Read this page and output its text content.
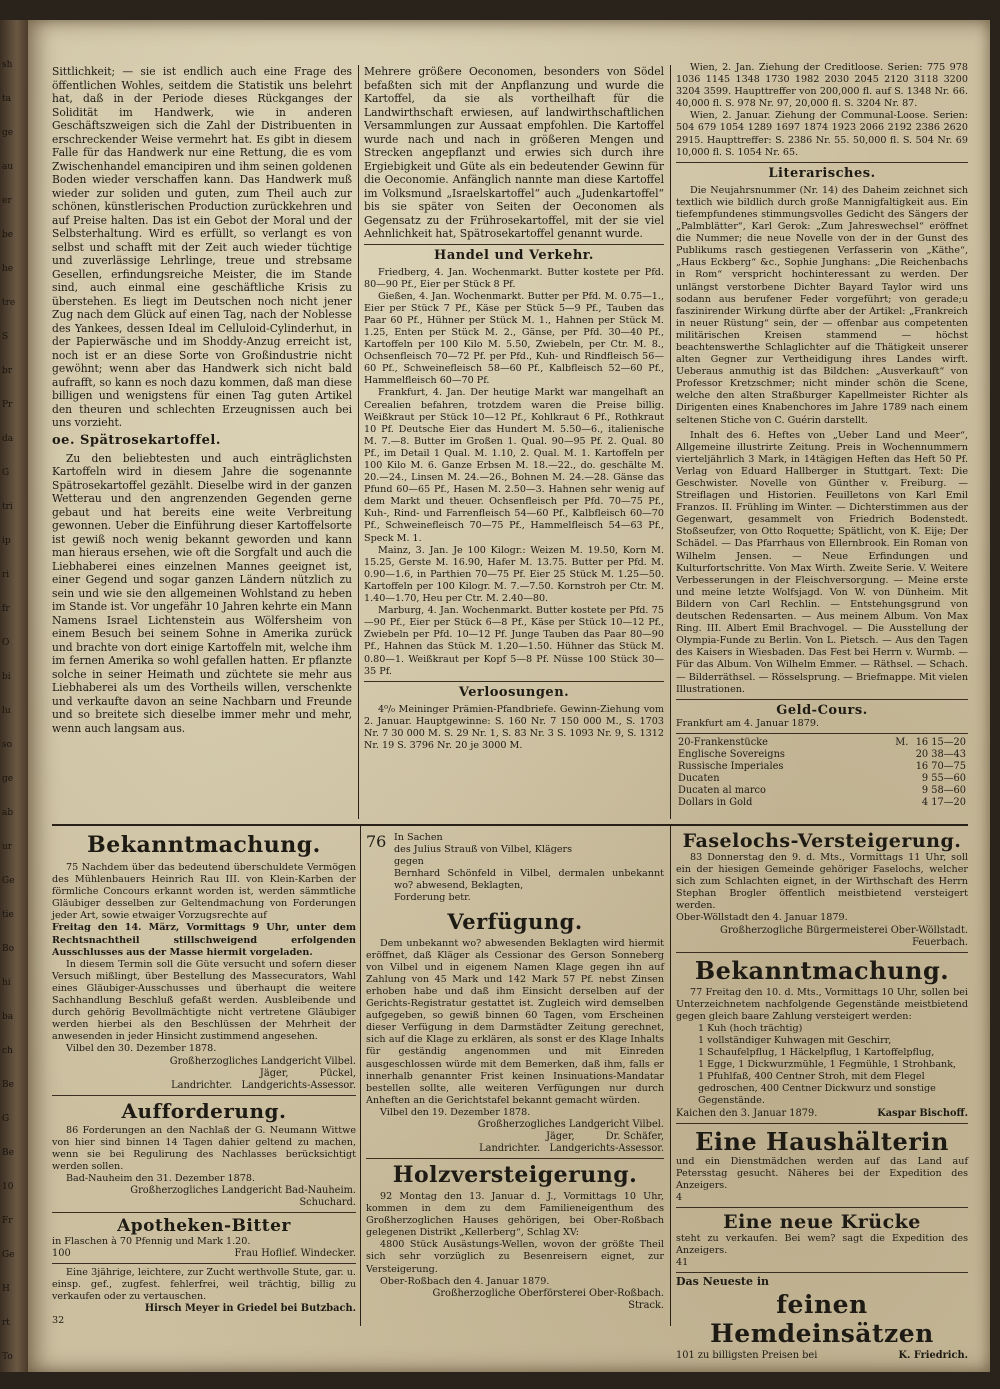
sh
ta
ge
au
er
be
he
tre
S
br
Pr
da
G
tri
ip
ri
fr
O
bi
lu
so
ge
ab
ur
Ge
tie
Bo
hi
ba
ch
Be
G
Be
10
Fr
Ge
H
rt
To

Sittlichkeit; — sie ist endlich auch eine Frage des öffentlichen Wohles, seitdem die Statistik uns belehrt hat, daß in der Periode dieses Rückganges der Solidität im Handwerk, wie in anderen Geschäftszweigen sich die Zahl der Distribuenten in erschreckender Weise vermehrt hat. Es gibt in diesem Falle für das Handwerk nur eine Rettung, die es vom Zwischenhandel emancipiren und ihm seinen goldenen Boden wieder verschaffen kann. Das Handwerk muß wieder zur soliden und guten, zum Theil auch zur schönen, künstlerischen Production zurückkehren und auf Preise halten. Das ist ein Gebot der Moral und der Selbsterhaltung. Wird es erfüllt, so verlangt es von selbst und schafft mit der Zeit auch wieder tüchtige und zuverlässige Lehrlinge, treue und strebsame Gesellen, erfindungsreiche Meister, die im Stande sind, auch einmal eine geschäftliche Krisis zu überstehen. Es liegt im Deutschen noch nicht jener Zug nach dem Glück auf einen Tag, nach der Noblesse des Yankees, dessen Ideal im Celluloid-Cylinderhut, in der Papierwäsche und im Shoddy-Anzug erreicht ist, noch ist er an diese Sorte von Großindustrie nicht gewöhnt; wenn aber das Handwerk sich nicht bald aufrafft, so kann es noch dazu kommen, daß man diese billigen und wenigstens für einen Tag guten Artikel den theuren und schlechten Erzeugnissen auch bei uns vorzieht.

oe. Spätrosekartoffel.

Zu den beliebtesten und auch einträglichsten Kartoffeln wird in diesem Jahre die sogenannte Spätrosekartoffel gezählt. Dieselbe wird in der ganzen Wetterau und den angrenzenden Gegenden gerne gebaut und hat bereits eine weite Verbreitung gewonnen. Ueber die Einführung dieser Kartoffelsorte ist gewiß noch wenig bekannt geworden und kann man hieraus ersehen, wie oft die Sorgfalt und auch die Liebhaberei eines einzelnen Mannes geeignet ist, einer Gegend und sogar ganzen Ländern nützlich zu sein und wie sie den allgemeinen Wohlstand zu heben im Stande ist. Vor ungefähr 10 Jahren kehrte ein Mann Namens Israel Lichtenstein aus Wölfersheim von einem Besuch bei seinem Sohne in Amerika zurück und brachte von dort einige Kartoffeln mit, welche ihm im fernen Amerika so wohl gefallen hatten. Er pflanzte solche in seiner Heimath und züchtete sie mehr aus Liebhaberei als um des Vortheils willen, verschenkte und verkaufte davon an seine Nachbarn und Freunde und so breitete sich dieselbe immer mehr und mehr, wenn auch langsam aus.

Mehrere größere Oeconomen, besonders von Södel befaßten sich mit der Anpflanzung und wurde die Kartoffel, da sie als vortheilhaft für die Landwirthschaft erwiesen, auf landwirthschaftlichen Versammlungen zur Aussaat empfohlen. Die Kartoffel wurde nach und nach in größeren Mengen und Strecken angepflanzt und erwies sich durch ihre Ergiebigkeit und Güte als ein bedeutender Gewinn für die Oeconomie. Anfänglich nannte man diese Kartoffel im Volksmund „Israelskartoffel“ auch „Judenkartoffel“ bis sie später von Seiten der Oeconomen als Gegensatz zu der Frührosekartoffel, mit der sie viel Aehnlichkeit hat, Spätrosekartoffel genannt wurde.

Handel und Verkehr.

Friedberg, 4. Jan. Wochenmarkt. Butter kostete per Pfd. 80—90 Pf., Eier per Stück 8 Pf.

Gießen, 4. Jan. Wochenmarkt. Butter per Pfd. M. 0.75—1., Eier per Stück 7 Pf., Käse per Stück 5—9 Pf., Tauben das Paar 60 Pf., Hühner per Stück M. 1., Hahnen per Stück M. 1.25, Enten per Stück M. 2., Gänse, per Pfd. 30—40 Pf., Kartoffeln per 100 Kilo M. 5.50, Zwiebeln, per Ctr. M. 8., Ochsenfleisch 70—72 Pf. per Pfd., Kuh- und Rindfleisch 56—60 Pf., Schweinefleisch 58—60 Pf., Kalbfleisch 52—60 Pf., Hammelfleisch 60—70 Pf.

Frankfurt, 4. Jan. Der heutige Markt war mangelhaft an Cerealien befahren, trotzdem waren die Preise billig. Weißkraut per Stück 10—12 Pf., Kohlkraut 6 Pf., Rothkraut 10 Pf. Deutsche Eier das Hundert M. 5.50—6., italienische M. 7.—8. Butter im Großen 1. Qual. 90—95 Pf. 2. Qual. 80 Pf., im Detail 1 Qual. M. 1.10, 2. Qual. M. 1. Kartoffeln per 100 Kilo M. 6. Ganze Erbsen M. 18.—22., do. geschälte M. 20.—24., Linsen M. 24.—26., Bohnen M. 24.—28. Gänse das Pfund 60—65 Pf., Hasen M. 2.50—3. Hahnen sehr wenig auf dem Markt und theuer. Ochsenfleisch per Pfd. 70—75 Pf., Kuh-, Rind- und Farrenfleisch 54—60 Pf., Kalbfleisch 60—70 Pf., Schweinefleisch 70—75 Pf., Hammelfleisch 54—63 Pf., Speck M. 1.

Mainz, 3. Jan. Je 100 Kilogr.: Weizen M. 19.50, Korn M. 15.25, Gerste M. 16.90, Hafer M. 13.75. Butter per Pfd. M. 0.90—1.6, in Parthien 70—75 Pf. Eier 25 Stück M. 1.25—50. Kartoffeln per 100 Kilogr. M. 7.—7.50. Kornstroh per Ctr. M. 1.40—1.70, Heu per Ctr. M. 2.40—80.

Marburg, 4. Jan. Wochenmarkt. Butter kostete per Pfd. 75—90 Pf., Eier per Stück 6—8 Pf., Käse per Stück 10—12 Pf., Zwiebeln per Pfd. 10—12 Pf. Junge Tauben das Paar 80—90 Pf., Hahnen das Stück M. 1.20—1.50. Hühner das Stück M. 0.80—1. Weißkraut per Kopf 5—8 Pf. Nüsse 100 Stück 30—35 Pf.

Verloosungen.

4⁰/₀ Meininger Prämien-Pfandbriefe. Gewinn-Ziehung vom 2. Januar. Hauptgewinne: S. 160 Nr. 7 150 000 M., S. 1703 Nr. 7 30 000 M. S. 29 Nr. 1, S. 83 Nr. 3 S. 1093 Nr. 9, S. 1312 Nr. 19 S. 3796 Nr. 20 je 3000 M.

Wien, 2. Jan. Ziehung der Creditloose. Serien: 775 978 1036 1145 1348 1730 1982 2030 2045 2120 3118 3200 3204 3599. Haupttreffer von 200,000 fl. auf S. 1348 Nr. 66. 40,000 fl. S. 978 Nr. 97, 20,000 fl. S. 3204 Nr. 87.

Wien, 2. Januar. Ziehung der Communal-Loose. Serien: 504 679 1054 1289 1697 1874 1923 2066 2192 2386 2620 2915. Haupttreffer: S. 2386 Nr. 55. 50,000 fl. S. 504 Nr. 69 10,000 fl. S. 1054 Nr. 65.

Literarisches.

Die Neujahrsnummer (Nr. 14) des Daheim zeichnet sich textlich wie bildlich durch große Mannigfaltigkeit aus. Ein tiefempfundenes stimmungsvolles Gedicht des Sängers der „Palmblätter“, Karl Gerok: „Zum Jahreswechsel“ eröffnet die Nummer; die neue Novelle von der in der Gunst des Publikums rasch gestiegenen Verfasserin von „Käthe“, „Haus Eckberg“ &c., Sophie Junghans: „Die Reichenbachs in Rom“ verspricht hochinteressant zu werden. Der unlängst verstorbene Dichter Bayard Taylor wird uns sodann aus berufener Feder vorgeführt; von gerade;u faszinirender Wirkung dürfte aber der Artikel: „Frankreich in neuer Rüstung“ sein, der — offenbar aus competenten militärischen Kreisen stammend — höchst beachtenswerthe Schlaglichter auf die Thätigkeit unserer alten Gegner zur Vertheidigung ihres Landes wirft. Ueberaus anmuthig ist das Bildchen: „Ausverkauft“ von Professor Kretzschmer; nicht minder schön die Scene, welche den alten Straßburger Kapellmeister Richter als Dirigenten eines Knabenchores im Jahre 1789 nach einem seltenen Stiche von C. Guérin darstellt.

Inhalt des 6. Heftes von „Ueber Land und Meer“, Allgemeine illustrirte Zeitung. Preis in Wochennummern vierteljährlich 3 Mark, in 14tägigen Heften das Heft 50 Pf. Verlag von Eduard Hallberger in Stuttgart. Text: Die Geschwister. Novelle von Günther v. Freiburg. — Streiflagen und Historien. Feuilletons von Karl Emil Franzos. II. Frühling im Winter. — Dichterstimmen aus der Gegenwart, gesammelt von Friedrich Bodenstedt. Stoßseufzer, von Otto Roquette; Spätlicht, von K. Eije; Der Schädel. — Das Pfarrhaus von Ellernbrook. Ein Roman von Wilhelm Jensen. — Neue Erfindungen und Kulturfortschritte. Von Max Wirth. Zweite Serie. V. Weitere Verbesserungen in der Fleischversorgung. — Meine erste und meine letzte Wolfsjagd. Von W. von Dünheim. Mit Bildern von Carl Rechlin. — Entstehungsgrund von deutschen Redensarten. — Aus meinem Album. Von Max Ring. III. Albert Emil Brachvogel. — Die Ausstellung der Olympia-Funde zu Berlin. Von L. Pietsch. — Aus den Tagen des Kaisers in Wiesbaden. Das Fest bei Herrn v. Wurmb. — Für das Album. Von Wilhelm Emmer. — Räthsel. — Schach. — Bilderräthsel. — Rösselsprung. — Briefmappe. Mit vielen Illustrationen.

Geld-Cours.

Frankfurt am 4. Januar 1879.

20-Frankenstücke	M.	16 15—20
Englische Sovereigns		20 38—43
Russische Imperiales		16 70—75
Ducaten		9 55—60
Ducaten al marco		9 58—60
Dollars in Gold		4 17—20
Bekanntmachung.

75 Nachdem über das bedeutend überschuldete Vermögen des Mühlenbauers Heinrich Rau III. von Klein-Karben der förmliche Concours erkannt worden ist, werden sämmtliche Gläubiger desselben zur Geltendmachung von Forderungen jeder Art, sowie etwaiger Vorzugsrechte auf

Freitag den 14. März, Vormittags 9 Uhr, unter dem Rechtsnachtheil stillschweigend erfolgenden Ausschlusses aus der Masse hiermit vorgeladen.

In diesem Termin soll die Güte versucht und sofern dieser Versuch mißlingt, über Bestellung des Massecurators, Wahl eines Gläubiger-Ausschusses und überhaupt die weitere Sachhandlung Beschluß gefaßt werden. Ausbleibende und durch gehörig Bevollmächtigte nicht vertretene Gläubiger werden hierbei als den Beschlüssen der Mehrheit der anwesenden in jeder Hinsicht zustimmend angesehen.

Vilbel den 30. Dezember 1878.

Großherzogliches Landgericht Vilbel.

Jäger,          Pückel,

Landrichter.   Landgerichts-Assessor.

Aufforderung.

86 Forderungen an den Nachlaß der G. Neumann Wittwe von hier sind binnen 14 Tagen dahier geltend zu machen, wenn sie bei Regulirung des Nachlasses berücksichtigt werden sollen.

Bad-Nauheim den 31. Dezember 1878.

Großherzogliches Landgericht Bad-Nauheim.

Schuchard.

Apotheken-Bitter

in Flaschen à 70 Pfennig und Mark 1.20.

100	Frau Hoflief. Windecker.

Eine 3jährige, leichtere, zur Zucht werthvolle Stute, gar. u. einsp. gef., zugfest. fehlerfrei, weil trächtig, billig zu verkaufen oder zu vertauschen.

Hirsch Meyer in Griedel bei Butzbach.

32

76 In Sachen

des Julius Strauß von Vilbel, Klägers

gegen

Bernhard Schönfeld in Vilbel, dermalen unbekannt wo? abwesend, Beklagten,

Forderung betr.

Verfügung.

Dem unbekannt wo? abwesenden Beklagten wird hiermit eröffnet, daß Kläger als Cessionar des Gerson Sonneberg von Vilbel und in eigenem Namen Klage gegen ihn auf Zahlung von 45 Mark und 142 Mark 57 Pf. nebst Zinsen erhoben habe und daß ihm Einsicht derselben auf der Gerichts-Registratur gestattet ist. Zugleich wird demselben aufgegeben, so gewiß binnen 60 Tagen, vom Erscheinen dieser Verfügung in dem Darmstädter Zeitung gerechnet, sich auf die Klage zu erklären, als sonst er des Klage Inhalts für geständig angenommen und mit Einreden ausgeschlossen würde mit dem Bemerken, daß ihm, falls er innerhalb genannter Frist keinen Insinuations-Mandatar bestellen sollte, alle weiteren Verfügungen nur durch Anheften an die Gerichtstafel bekannt gemacht würden.

Vilbel den 19. Dezember 1878.

Großherzogliches Landgericht Vilbel.

Jäger,          Dr. Schäfer,

Landrichter.   Landgerichts-Assessor.

Holzversteigerung.

92 Montag den 13. Januar d. J., Vormittags 10 Uhr, kommen in dem zu dem Familieneigenthum des Großherzoglichen Hauses gehörigen, bei Ober-Roßbach gelegenen Distrikt „Kellerberg“, Schlag XV:

4800 Stück Ausästungs-Wellen, wovon der größte Theil sich sehr vorzüglich zu Besenreisern eignet, zur Versteigerung.

Ober-Roßbach den 4. Januar 1879.

Großherzogliche Oberförsterei Ober-Roßbach.

Strack.

Faselochs-Versteigerung.

83 Donnerstag den 9. d. Mts., Vormittags 11 Uhr, soll ein der hiesigen Gemeinde gehöriger Faselochs, welcher sich zum Schlachten eignet, in der Wirthschaft des Herrn Stephan Brogler öffentlich meistbietend versteigert werden.

Ober-Wöllstadt den 4. Januar 1879.

Großherzogliche Bürgermeisterei Ober-Wöllstadt.

Feuerbach.

Bekanntmachung.

77 Freitag den 10. d. Mts., Vormittags 10 Uhr, sollen bei Unterzeichnetem nachfolgende Gegenstände meistbietend gegen gleich baare Zahlung versteigert werden:

1 Kuh (hoch trächtig)

1 vollständiger Kuhwagen mit Geschirr,

1 Schaufelpflug, 1 Häckelpflug, 1 Kartoffelpflug,

1 Egge, 1 Dickwurzmühle, 1 Fegmühle, 1 Strohbank,

1 Pfuhlfaß, 400 Centner Stroh, mit dem Flegel gedroschen, 400 Centner Dickwurz und sonstige Gegenstände.

Kaichen den 3. Januar 1879.	Kaspar Bischoff.
Eine Haushälterin

und ein Dienstmädchen werden auf das Land auf Petersstag gesucht. Näheres bei der Expedition des Anzeigers.

4

Eine neue Krücke

steht zu verkaufen. Bei wem? sagt die Expedition des Anzeigers.

41

Das Neueste in

feinen Hemdeinsätzen
101 zu billigsten Preisen bei	K. Friedrich.
